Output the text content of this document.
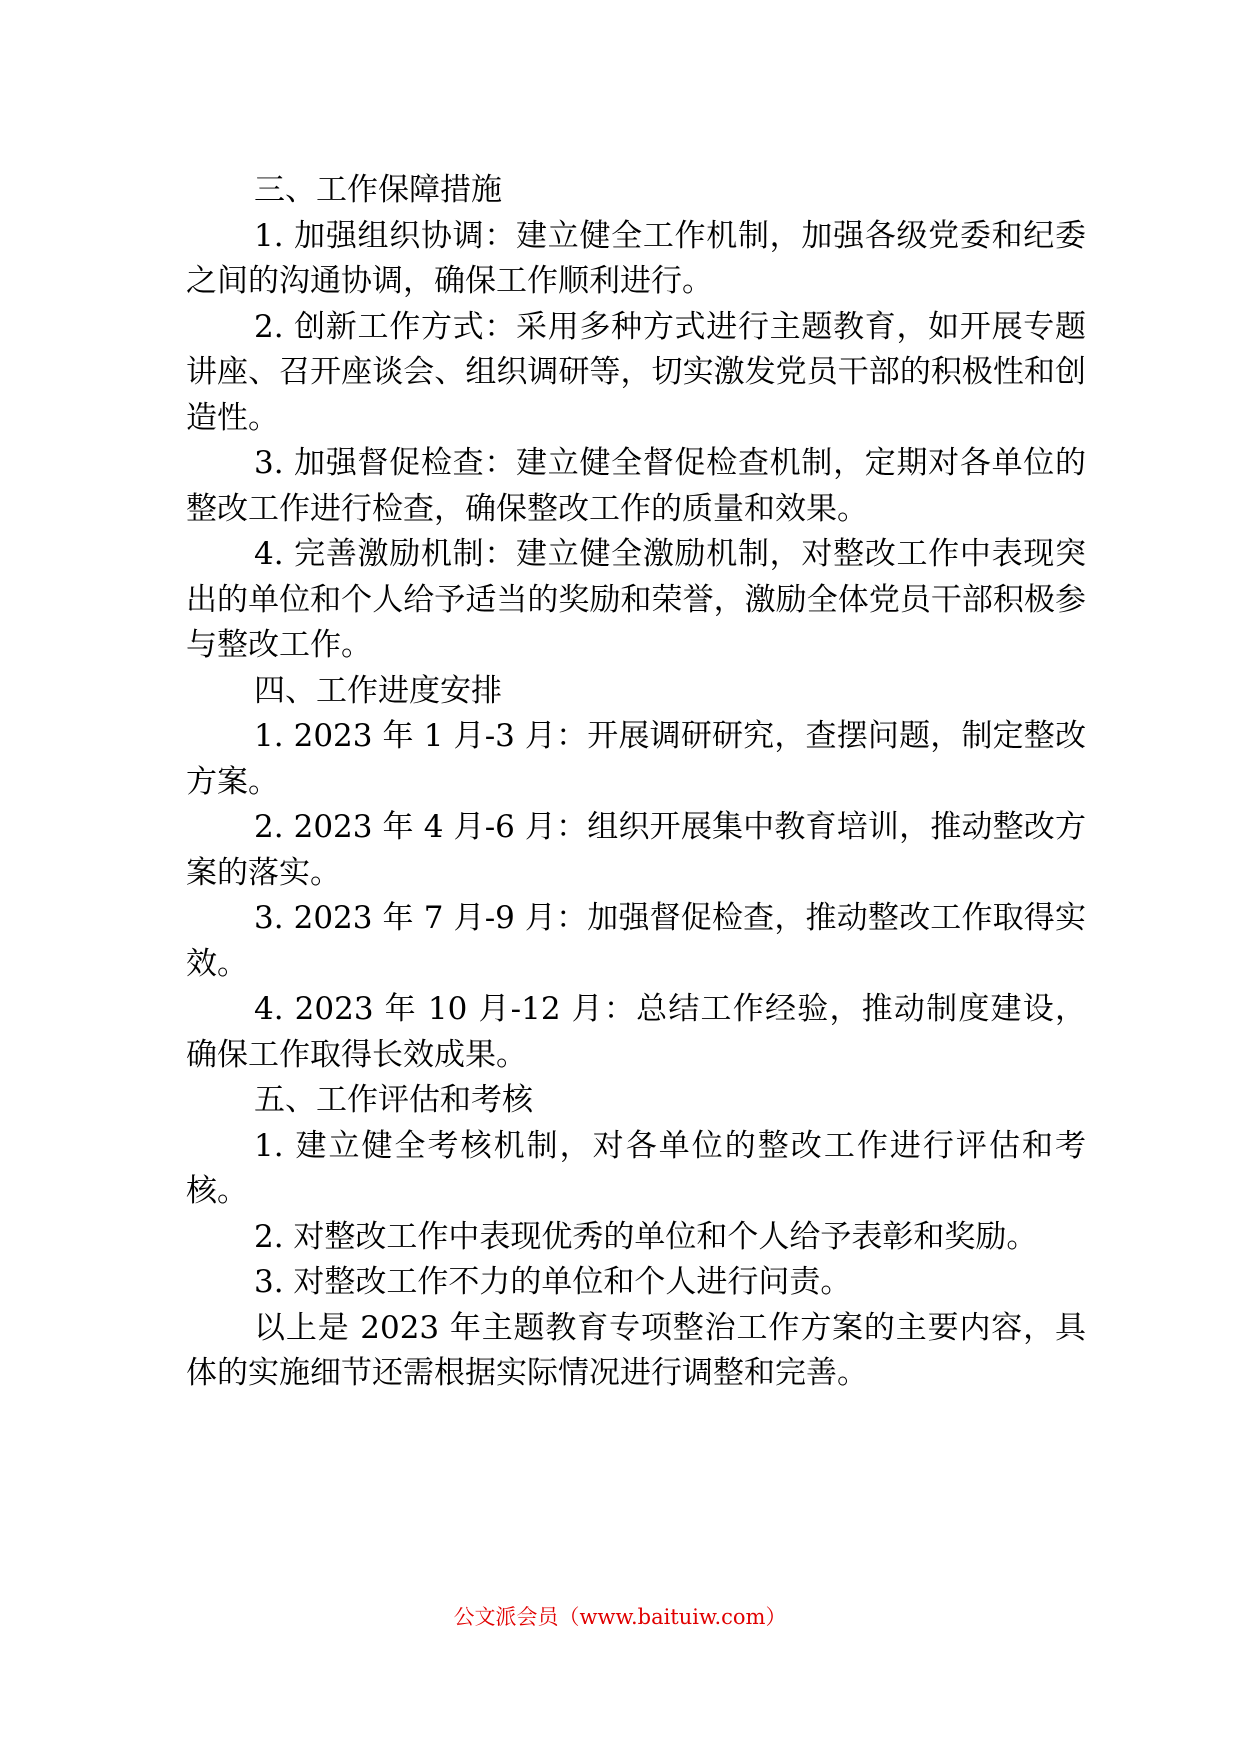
三、工作保障措施

1. 加强组织协调：建立健全工作机制，加强各级党委和纪委之间的沟通协调，确保工作顺利进行。

2. 创新工作方式：采用多种方式进行主题教育，如开展专题讲座、召开座谈会、组织调研等，切实激发党员干部的积极性和创造性。

3. 加强督促检查：建立健全督促检查机制，定期对各单位的整改工作进行检查，确保整改工作的质量和效果。

4. 完善激励机制：建立健全激励机制，对整改工作中表现突出的单位和个人给予适当的奖励和荣誉，激励全体党员干部积极参与整改工作。

四、工作进度安排

1. 2023 年 1 月-3 月：开展调研研究，查摆问题，制定整改方案。

2. 2023 年 4 月-6 月：组织开展集中教育培训，推动整改方案的落实。

3. 2023 年 7 月-9 月：加强督促检查，推动整改工作取得实效。

4. 2023 年 10 月-12 月：总结工作经验，推动制度建设，确保工作取得长效成果。

五、工作评估和考核

1. 建立健全考核机制，对各单位的整改工作进行评估和考核。

2. 对整改工作中表现优秀的单位和个人给予表彰和奖励。

3. 对整改工作不力的单位和个人进行问责。

以上是 2023 年主题教育专项整治工作方案的主要内容，具体的实施细节还需根据实际情况进行调整和完善。

公文派会员（www.baituiw.com）
